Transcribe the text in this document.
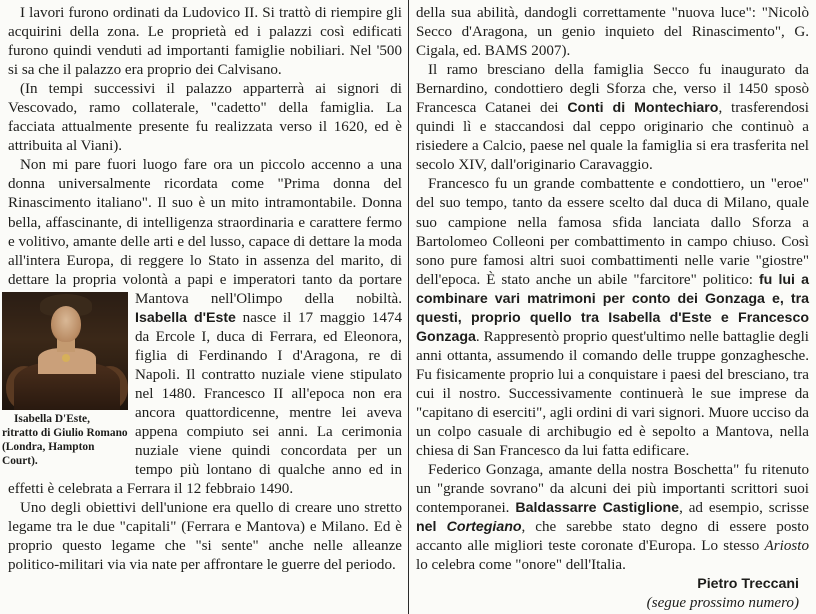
I lavori furono ordinati da Ludovico II. Si trattò di riempire gli acquirini della zona. Le proprietà ed i palazzi così edificati furono quindi venduti ad importanti famiglie nobiliari. Nel '500 si sa che il palazzo era proprio dei Calvisano.

(In tempi successivi il palazzo apparterrà ai signori di Vescovado, ramo collaterale, "cadetto" della famiglia. La facciata attualmente presente fu realizzata verso il 1620, ed è attribuita al Viani).

Non mi pare fuori luogo fare ora un piccolo accenno a una donna universalmente ricordata come "Prima donna del Rinascimento italiano". Il suo è un mito intramontabile. Donna bella, affascinante, di intelligenza straordinaria e carattere fermo e volitivo, amante delle arti e del lusso, capace di dettare la moda all'intera Europa, di reggere lo Stato in assenza del marito, di dettare la propria volontà a papi e imperatori tanto da portare Mantova nell'Olimpo della nobiltà.
Isabella D'Este, ritratto di Giulio Romano (Londra, Hampton Court).
Isabella d'Este nasce il 17 maggio 1474 da Ercole I, duca di Ferrara, ed Eleonora, figlia di Ferdinando I d'Aragona, re di Napoli. Il contratto nuziale viene stipulato nel 1480. Francesco II all'epoca non era ancora quattordicenne, mentre lei aveva appena compiuto sei anni. La cerimonia nuziale viene quindi concordata per un tempo più lontano di qualche anno ed in effetti è celebrata a Ferrara il 12 febbraio 1490.

Uno degli obiettivi dell'unione era quello di creare uno stretto legame tra le due "capitali" (Ferrara e Mantova) e Milano. Ed è proprio questo legame che "si sente" anche nelle alleanze politico-militari via via nate per affrontare le guerre del periodo.

della sua abilità, dandogli correttamente "nuova luce": "Nicolò Secco d'Aragona, un genio inquieto del Rinascimento", G. Cigala, ed. BAMS 2007).

Il ramo bresciano della famiglia Secco fu inaugurato da Bernardino, condottiero degli Sforza che, verso il 1450 sposò Francesca Catanei dei Conti di Montechiaro, trasferendosi quindi lì e staccandosi dal ceppo originario che continuò a risiedere a Calcio, paese nel quale la famiglia si era trasferita nel secolo XIV, dall'originario Caravaggio.

Francesco fu un grande combattente e condottiero, un "eroe" del suo tempo, tanto da essere scelto dal duca di Milano, quale suo campione nella famosa sfida lanciata dallo Sforza a Bartolomeo Colleoni per combattimento in campo chiuso. Così sono pure famosi altri suoi combattimenti nelle varie "giostre" dell'epoca. È stato anche un abile "farcitore" politico: fu lui a combinare vari matrimoni per conto dei Gonzaga e, tra questi, proprio quello tra Isabella d'Este e Francesco Gonzaga. Rappresentò proprio quest'ultimo nelle battaglie degli anni ottanta, assumendo il comando delle truppe gonzaghesche. Fu fisicamente proprio lui a conquistare i paesi del bresciano, tra cui il nostro. Successivamente continuerà le sue imprese da "capitano di eserciti", agli ordini di vari signori. Muore ucciso da un colpo casuale di archibugio ed è sepolto a Mantova, nella chiesa di San Francesco da lui fatta edificare.

Federico Gonzaga, amante della nostra Boschetta" fu ritenuto un "grande sovrano" da alcuni dei più importanti scrittori suoi contemporanei. Baldassarre Castiglione, ad esempio, scrisse nel Cortegiano, che sarebbe stato degno di essere posto accanto alle migliori teste coronate d'Europa. Lo stesso Ariosto lo celebra come "onore" dell'Italia.

Pietro Treccani

(segue prossimo numero)
